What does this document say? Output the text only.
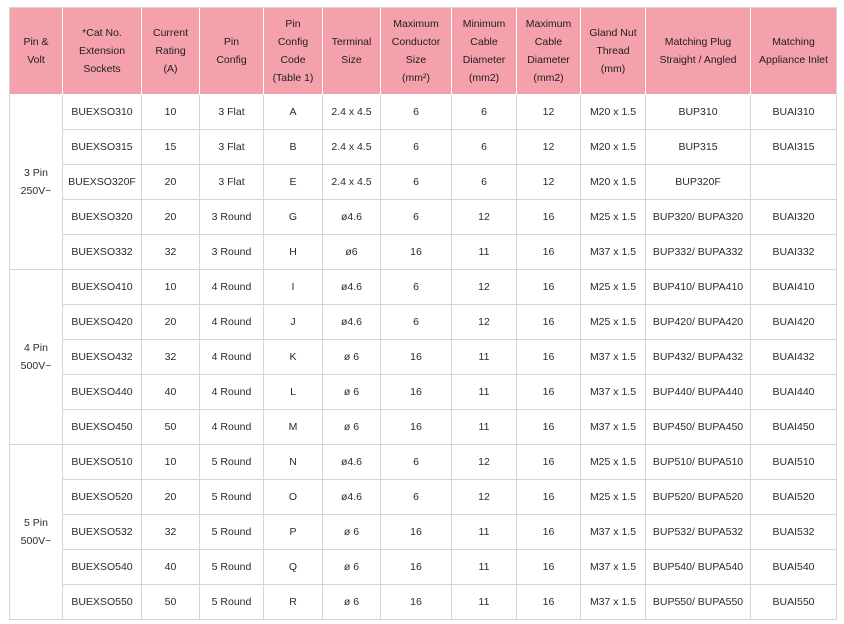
Pin &
Volt	*Cat No.
Extension
Sockets	Current
Rating
(A)	Pin
Config	Pin
Config
Code
(Table 1)	Terminal
Size	Maximum
Conductor
Size
(mm²)	Minimum
Cable
Diameter
(mm2)	Maximum
Cable
Diameter
(mm2)	Gland Nut
Thread
(mm)	Matching Plug
Straight / Angled	Matching
Appliance Inlet

3 Pin
250V~	BUEXSO310	10	3 Flat	A	2.4 x 4.5	6	6	12	M20 x 1.5	BUP310	BUAI310
	BUEXSO315	15	3 Flat	B	2.4 x 4.5	6	6	12	M20 x 1.5	BUP315	BUAI315
	BUEXSO320F	20	3 Flat	E	2.4 x 4.5	6	6	12	M20 x 1.5	BUP320F	
	BUEXSO320	20	3 Round	G	ø4.6	6	12	16	M25 x 1.5	BUP320/ BUPA320	BUAI320
	BUEXSO332	32	3 Round	H	ø6	16	11	16	M37 x 1.5	BUP332/ BUPA332	BUAI332

4 Pin
500V~	BUEXSO410	10	4 Round	I	ø4.6	6	12	16	M25 x 1.5	BUP410/ BUPA410	BUAI410
	BUEXSO420	20	4 Round	J	ø4.6	6	12	16	M25 x 1.5	BUP420/ BUPA420	BUAI420
	BUEXSO432	32	4 Round	K	ø 6	16	11	16	M37 x 1.5	BUP432/ BUPA432	BUAI432
	BUEXSO440	40	4 Round	L	ø 6	16	11	16	M37 x 1.5	BUP440/ BUPA440	BUAI440
	BUEXSO450	50	4 Round	M	ø 6	16	11	16	M37 x 1.5	BUP450/ BUPA450	BUAI450

5 Pin
500V~	BUEXSO510	10	5 Round	N	ø4.6	6	12	16	M25 x 1.5	BUP510/ BUPA510	BUAI510
	BUEXSO520	20	5 Round	O	ø4.6	6	12	16	M25 x 1.5	BUP520/ BUPA520	BUAI520
	BUEXSO532	32	5 Round	P	ø 6	16	11	16	M37 x 1.5	BUP532/ BUPA532	BUAI532
	BUEXSO540	40	5 Round	Q	ø 6	16	11	16	M37 x 1.5	BUP540/ BUPA540	BUAI540
	BUEXSO550	50	5 Round	R	ø 6	16	11	16	M37 x 1.5	BUP550/ BUPA550	BUAI550
